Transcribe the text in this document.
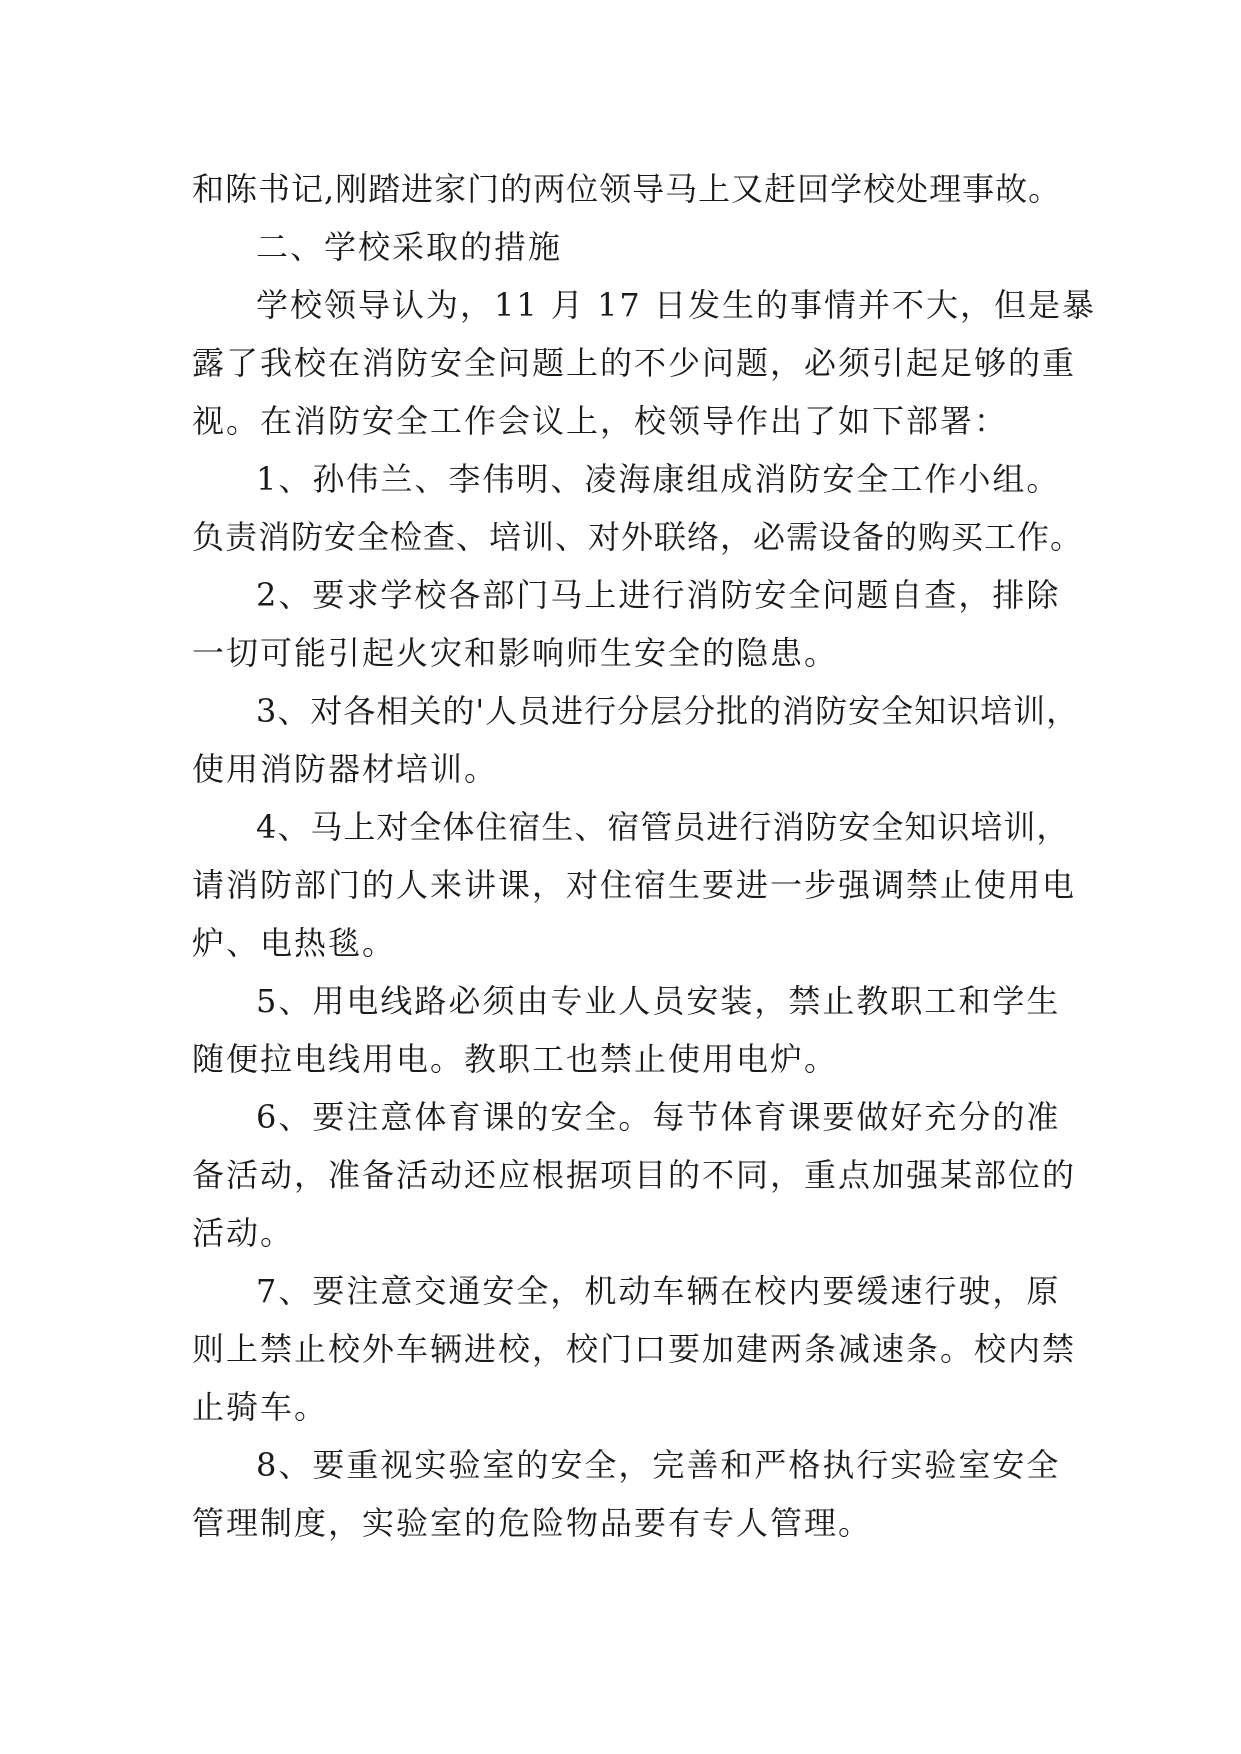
和陈书记,刚踏进家门的两位领导马上又赶回学校处理事故。
二、学校采取的措施
学校领导认为，11 月 17 日发生的事情并不大，但是暴
露了我校在消防安全问题上的不少问题，必须引起足够的重
视。在消防安全工作会议上，校领导作出了如下部署：
1、孙伟兰、李伟明、凌海康组成消防安全工作小组。
负责消防安全检查、培训、对外联络，必需设备的购买工作。
2、要求学校各部门马上进行消防安全问题自查，排除
一切可能引起火灾和影响师生安全的隐患。
3、对各相关的'人员进行分层分批的消防安全知识培训，
使用消防器材培训。
4、马上对全体住宿生、宿管员进行消防安全知识培训，
请消防部门的人来讲课，对住宿生要进一步强调禁止使用电
炉、电热毯。
5、用电线路必须由专业人员安装，禁止教职工和学生
随便拉电线用电。教职工也禁止使用电炉。
6、要注意体育课的安全。每节体育课要做好充分的准
备活动，准备活动还应根据项目的不同，重点加强某部位的
活动。
7、要注意交通安全，机动车辆在校内要缓速行驶，原
则上禁止校外车辆进校，校门口要加建两条减速条。校内禁
止骑车。
8、要重视实验室的安全，完善和严格执行实验室安全
管理制度，实验室的危险物品要有专人管理。
